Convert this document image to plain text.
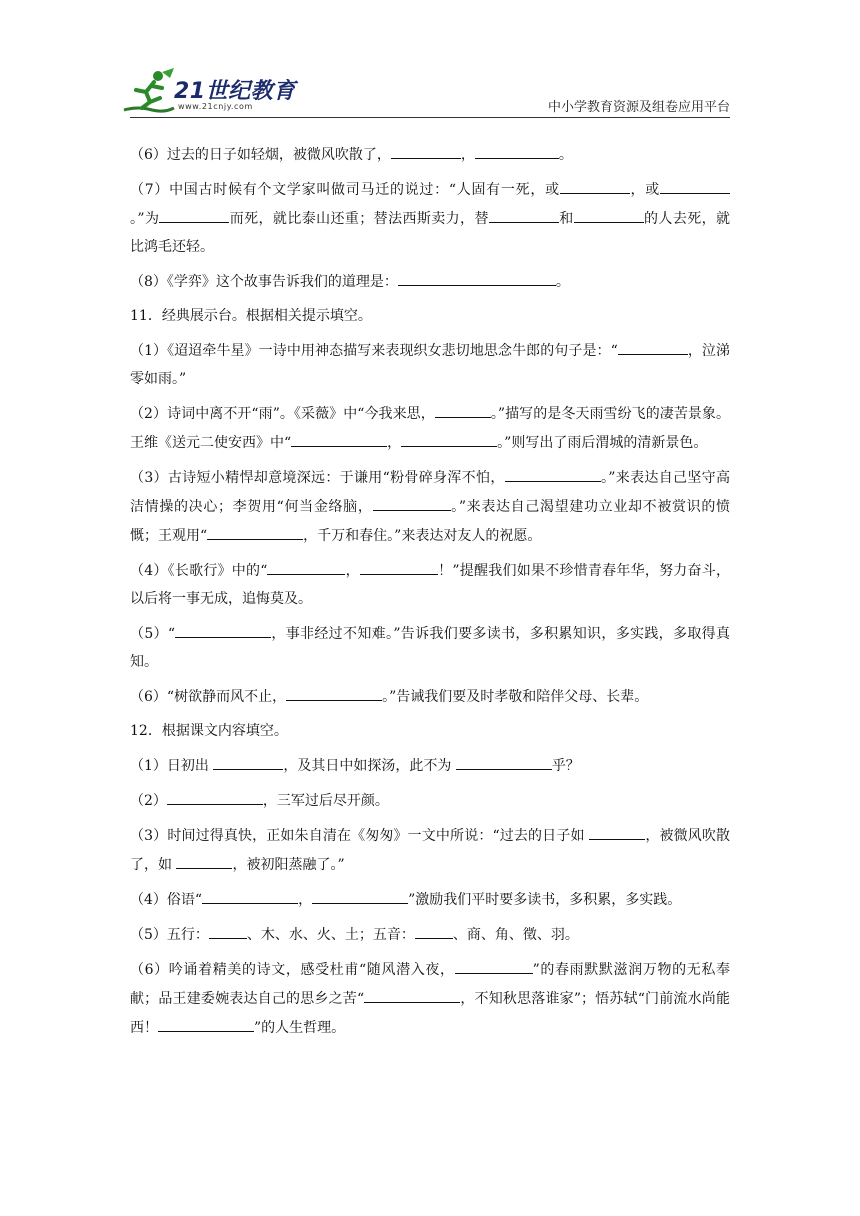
21世纪教育
www.21cnjy.com	中小学教育资源及组卷应用平台

（6）过去的日子如轻烟，被微风吹散了，	，	。

（7）中国古时候有个文学家叫做司马迁的说过：“人固有一死，或	，或。”为	而死，就比泰山还重；替法西斯卖力，替	和	的人去死，就比鸿毛还轻。

（8）《学弈》这个故事告诉我们的道理是：	。

11．经典展示台。根据相关提示填空。

（1）《迢迢牵牛星》一诗中用神态描写来表现织女悲切地思念牛郎的句子是：“	，泣涕零如雨。”

（2）诗词中离不开“雨”。《采薇》中“今我来思，	。”描写的是冬天雨雪纷飞的凄苦景象。王维《送元二使安西》中“	，	。”则写出了雨后渭城的清新景色。

（3）古诗短小精悍却意境深远：于谦用“粉骨碎身浑不怕，	。”来表达自己坚守高洁情操的决心；李贺用“何当金络脑，	。”来表达自己渴望建功立业却不被赏识的愤慨；王观用“	，千万和春住。”来表达对友人的祝愿。

（4）《长歌行》中的“	，	！”提醒我们如果不珍惜青春年华，努力奋斗，以后将一事无成，追悔莫及。

（5）“	，事非经过不知难。”告诉我们要多读书，多积累知识，多实践，多取得真知。

（6）“树欲静而风不止，	。”告诫我们要及时孝敬和陪伴父母、长辈。

12．根据课文内容填空。

（1）日初出	，及其日中如探汤，此不为	乎？

（2）	，三军过后尽开颜。

（3）时间过得真快，正如朱自清在《匆匆》一文中所说：“过去的日子如	，被微风吹散了，如	，被初阳蒸融了。”

（4）俗语“	，	”激励我们平时要多读书，多积累，多实践。

（5）五行：	、木、水、火、土；五音：	、商、角、徵、羽。

（6）吟诵着精美的诗文，感受杜甫“随风潜入夜，	”的春雨默默滋润万物的无私奉献；品王建委婉表达自己的思乡之苦“	，不知秋思落谁家”；悟苏轼“门前流水尚能西！	”的人生哲理。
